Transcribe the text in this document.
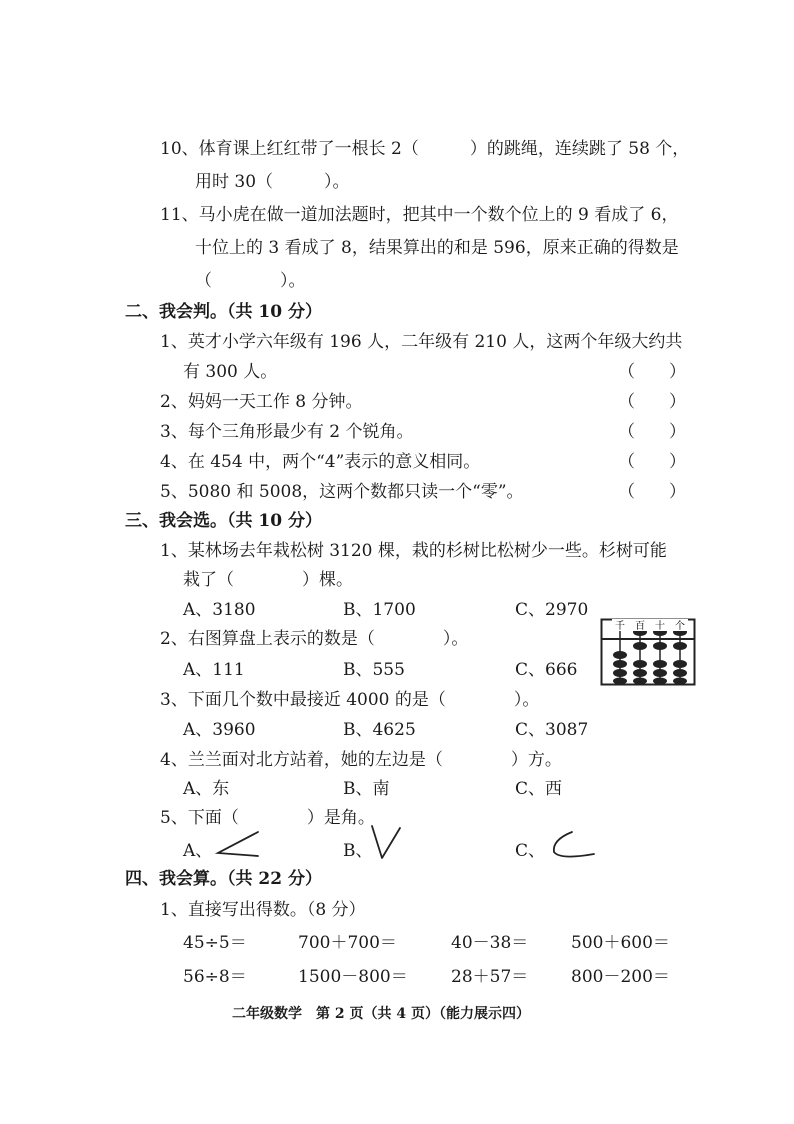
10、体育课上红红带了一根长 2（　　　）的跳绳，连续跳了 58 个，
用时 30（　　　）。
11、马小虎在做一道加法题时，把其中一个数个位上的 9 看成了 6，
十位上的 3 看成了 8，结果算出的和是 596，原来正确的得数是
（　　　　）。
二、我会判。（共 10 分）
1、英才小学六年级有 196 人，二年级有 210 人，这两个年级大约共
有 300 人。	（　　）
2、妈妈一天工作 8 分钟。	（　　）
3、每个三角形最少有 2 个锐角。	（　　）
4、在 454 中，两个“4”表示的意义相同。	（　　）
5、5080 和 5008，这两个数都只读一个“零”。	（　　）
三、我会选。（共 10 分）
1、某林场去年栽松树 3120 棵，栽的杉树比松树少一些。杉树可能
栽了（　　　　）棵。
A、3180	B、1700	C、2970
2、右图算盘上表示的数是（　　　　）。
A、111	B、555	C、666
千 百 十 个
3、下面几个数中最接近 4000 的是（　　　　）。
A、3960	B、4625	C、3087
4、兰兰面对北方站着，她的左边是（　　　　）方。
A、东	B、南	C、西
5、下面（　　　　）是角。
A、	B、	C、
四、我会算。（共 22 分）
1、直接写出得数。（8 分）
45÷5＝	700＋700＝	40－38＝	500＋600＝
56÷8＝	1500－800＝	28＋57＝	800－200＝
二年级数学　第 2 页（共 4 页）（能力展示四）
